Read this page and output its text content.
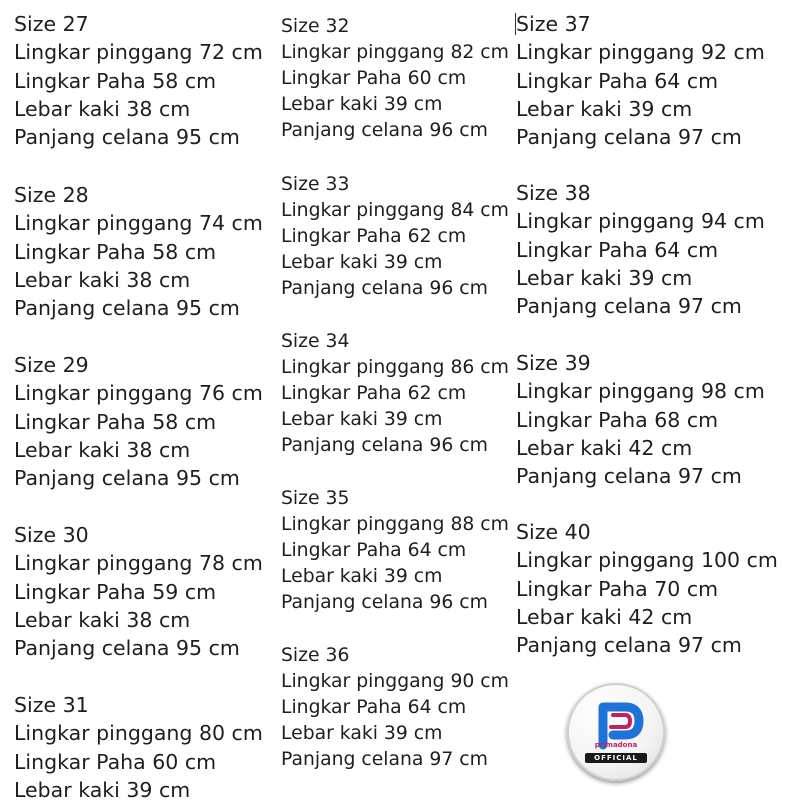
Size 27
Lingkar pinggang 72 cm
Lingkar Paha 58 cm
Lebar kaki 38 cm
Panjang celana 95 cm
Size 28
Lingkar pinggang 74 cm
Lingkar Paha 58 cm
Lebar kaki 38 cm
Panjang celana 95 cm
Size 29
Lingkar pinggang 76 cm
Lingkar Paha 58 cm
Lebar kaki 38 cm
Panjang celana 95 cm
Size 30
Lingkar pinggang 78 cm
Lingkar Paha 59 cm
Lebar kaki 38 cm
Panjang celana 95 cm
Size 31
Lingkar pinggang 80 cm
Lingkar Paha 60 cm
Lebar kaki 39 cm
Size 32
Lingkar pinggang 82 cm
Lingkar Paha 60 cm
Lebar kaki 39 cm
Panjang celana 96 cm
Size 33
Lingkar pinggang 84 cm
Lingkar Paha 62 cm
Lebar kaki 39 cm
Panjang celana 96 cm
Size 34
Lingkar pinggang 86 cm
Lingkar Paha 62 cm
Lebar kaki 39 cm
Panjang celana 96 cm
Size 35
Lingkar pinggang 88 cm
Lingkar Paha 64 cm
Lebar kaki 39 cm
Panjang celana 96 cm
Size 36
Lingkar pinggang 90 cm
Lingkar Paha 64 cm
Lebar kaki 39 cm
Panjang celana 97 cm
Size 37
Lingkar pinggang 92 cm
Lingkar Paha 64 cm
Lebar kaki 39 cm
Panjang celana 97 cm
Size 38
Lingkar pinggang 94 cm
Lingkar Paha 64 cm
Lebar kaki 39 cm
Panjang celana 97 cm
Size 39
Lingkar pinggang 98 cm
Lingkar Paha 68 cm
Lebar kaki 42 cm
Panjang celana 97 cm
Size 40
Lingkar pinggang 100 cm
Lingkar Paha 70 cm
Lebar kaki 42 cm
Panjang celana 97 cm
primadona
OFFICIAL
